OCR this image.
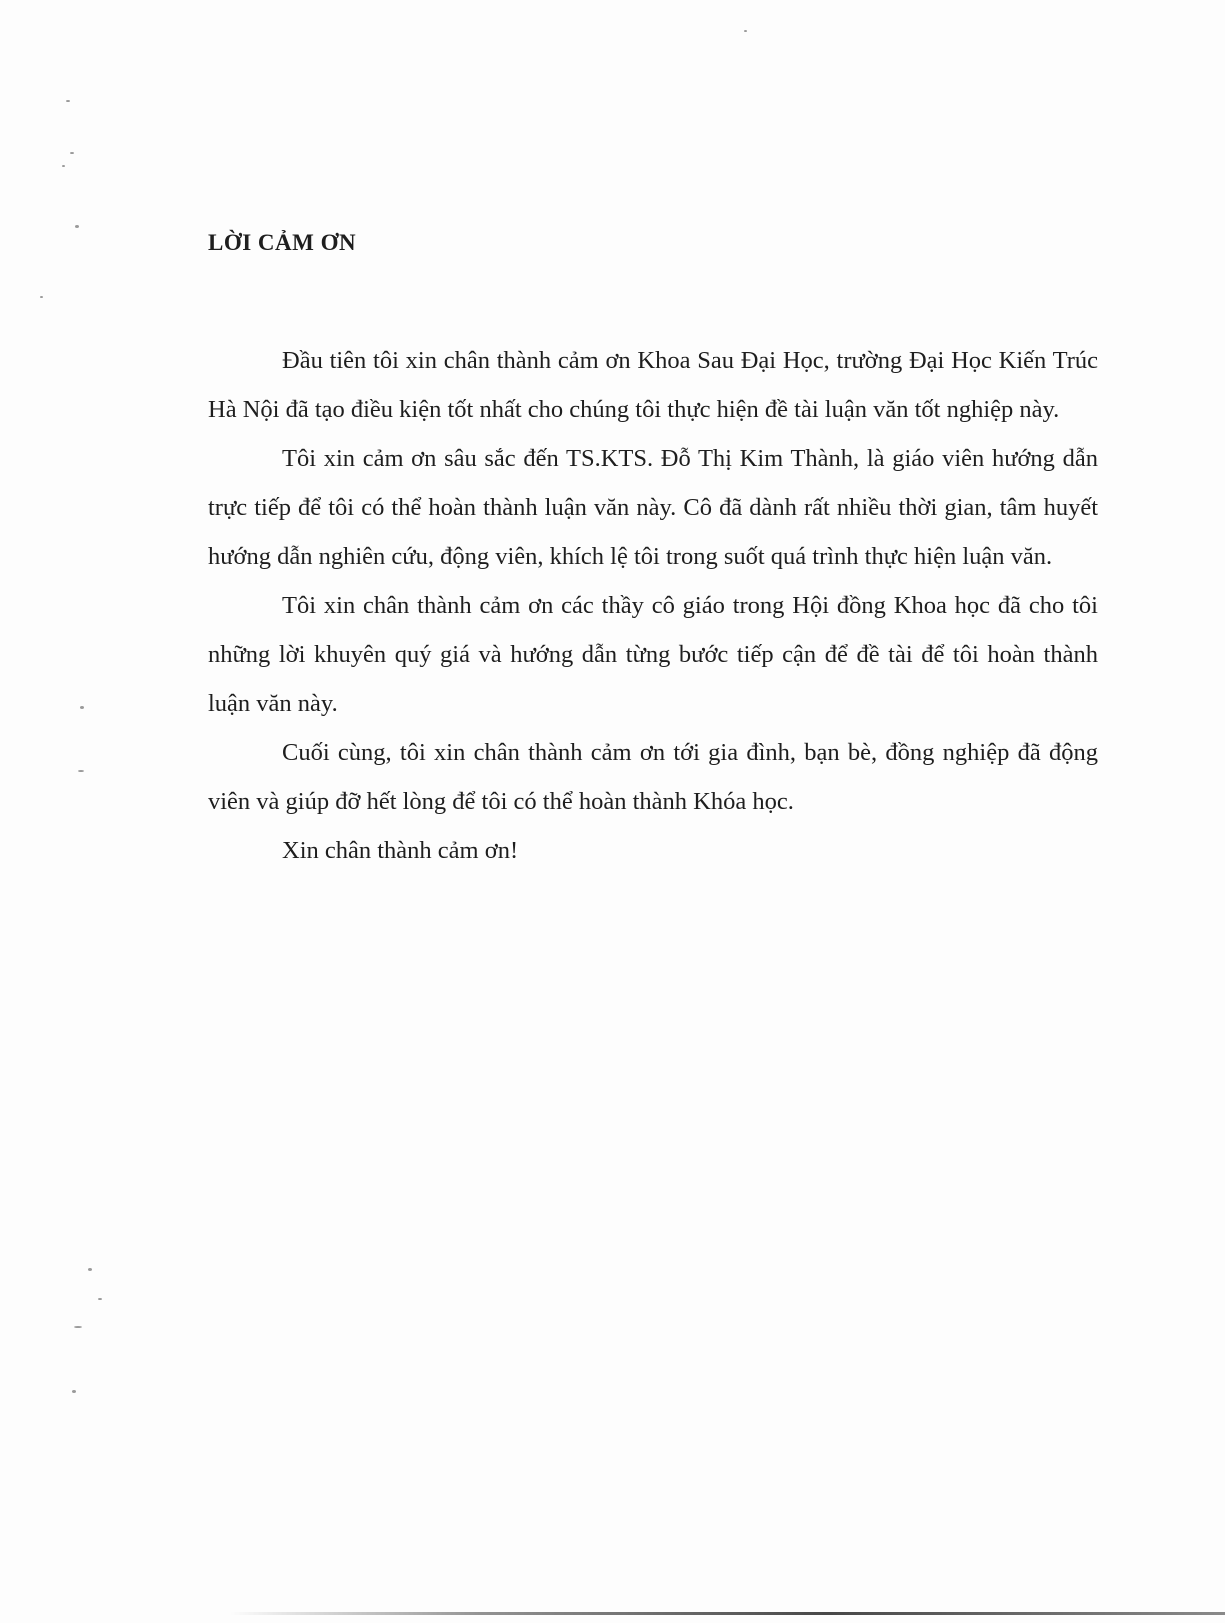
LỜI CẢM ƠN

Đầu tiên tôi xin chân thành cảm ơn Khoa Sau Đại Học, trường Đại Học Kiến Trúc Hà Nội đã tạo điều kiện tốt nhất cho chúng tôi thực hiện đề tài luận văn tốt nghiệp này.

Tôi xin cảm ơn sâu sắc đến TS.KTS. Đỗ Thị Kim Thành, là giáo viên hướng dẫn trực tiếp để tôi có thể hoàn thành luận văn này. Cô đã dành rất nhiều thời gian, tâm huyết hướng dẫn nghiên cứu, động viên, khích lệ tôi trong suốt quá trình thực hiện luận văn.

Tôi xin chân thành cảm ơn các thầy cô giáo trong Hội đồng Khoa học đã cho tôi những lời khuyên quý giá và hướng dẫn từng bước tiếp cận để đề tài để tôi hoàn thành luận văn này.

Cuối cùng, tôi xin chân thành cảm ơn tới gia đình, bạn bè, đồng nghiệp đã động viên và giúp đỡ hết lòng để tôi có thể hoàn thành Khóa học.

Xin chân thành cảm ơn!
